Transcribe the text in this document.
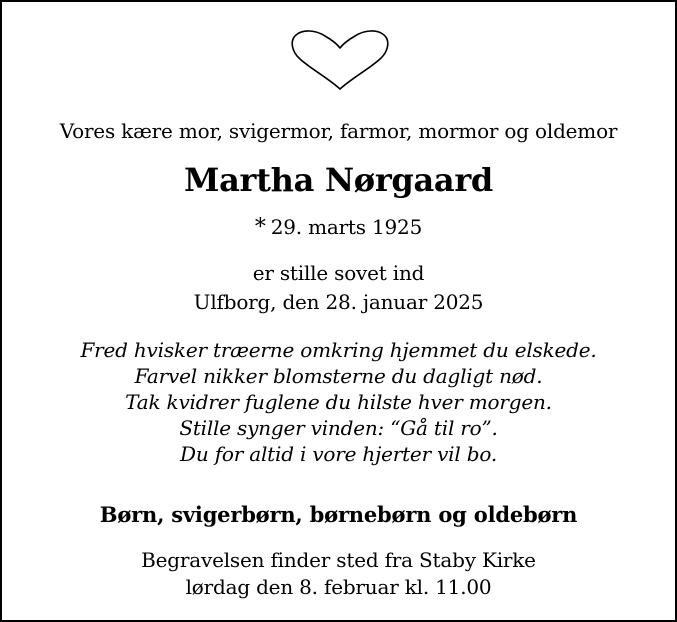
Vores kære mor, svigermor, farmor, mormor og oldemor
Martha Nørgaard
* 29. marts 1925
er stille sovet ind
Ulfborg, den 28. januar 2025
Fred hvisker træerne omkring hjemmet du elskede.
Farvel nikker blomsterne du dagligt nød.
Tak kvidrer fuglene du hilste hver morgen.
Stille synger vinden: “Gå til ro”.
Du for altid i vore hjerter vil bo.
Børn, svigerbørn, børnebørn og oldebørn
Begravelsen finder sted fra Staby Kirke
lørdag den 8. februar kl. 11.00
